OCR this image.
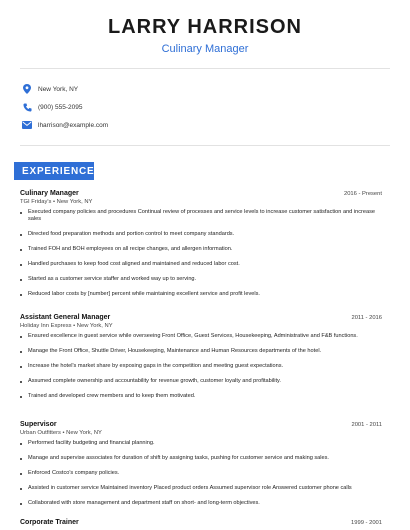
LARRY HARRISON
Culinary Manager
New York, NY
(900) 555-2095
lharrison@example.com
EXPERIENCE
Culinary Manager	2016 - Present
TGI Friday's • New York, NY
Executed company policies and procedures Continual review of processes and service levels to increase customer satisfaction and increase sales
Directed food preparation methods and portion control to meet company standards.
Trained FOH and BOH employees on all recipe changes, and allergen information.
Handled purchases to keep food cost aligned and maintained and reduced labor cost.
Started as a customer service staffer and worked way up to serving.
Reduced labor costs by [number] percent while maintaining excellent service and profit levels.
Assistant General Manager	2011 - 2016
Holiday Inn Express • New York, NY
Ensured excellence in guest service while overseeing Front Office, Guest Services, Housekeeping, Administrative and F&B functions.
Manage the Front Office, Shuttle Driver, Housekeeping, Maintenance and Human Resources departments of the hotel.
Increase the hotel's market share by exposing gaps in the competition and meeting guest expectations.
Assumed complete ownership and accountability for revenue growth, customer loyalty and profitability.
Trained and developed crew members and to keep them motivated.
Supervisor	2001 - 2011
Urban Outfitters • New York, NY
Performed facility budgeting and financial planning.
Manage and supervise associates for duration of shift by assigning tasks, pushing for customer service and making sales.
Enforced Costco's company policies.
Assisted in customer service Maintained inventory Placed product orders Assumed supervisor role Answered customer phone calls
Collaborated with store management and department staff on short- and long-term objectives.
Corporate Trainer	1999 - 2001
